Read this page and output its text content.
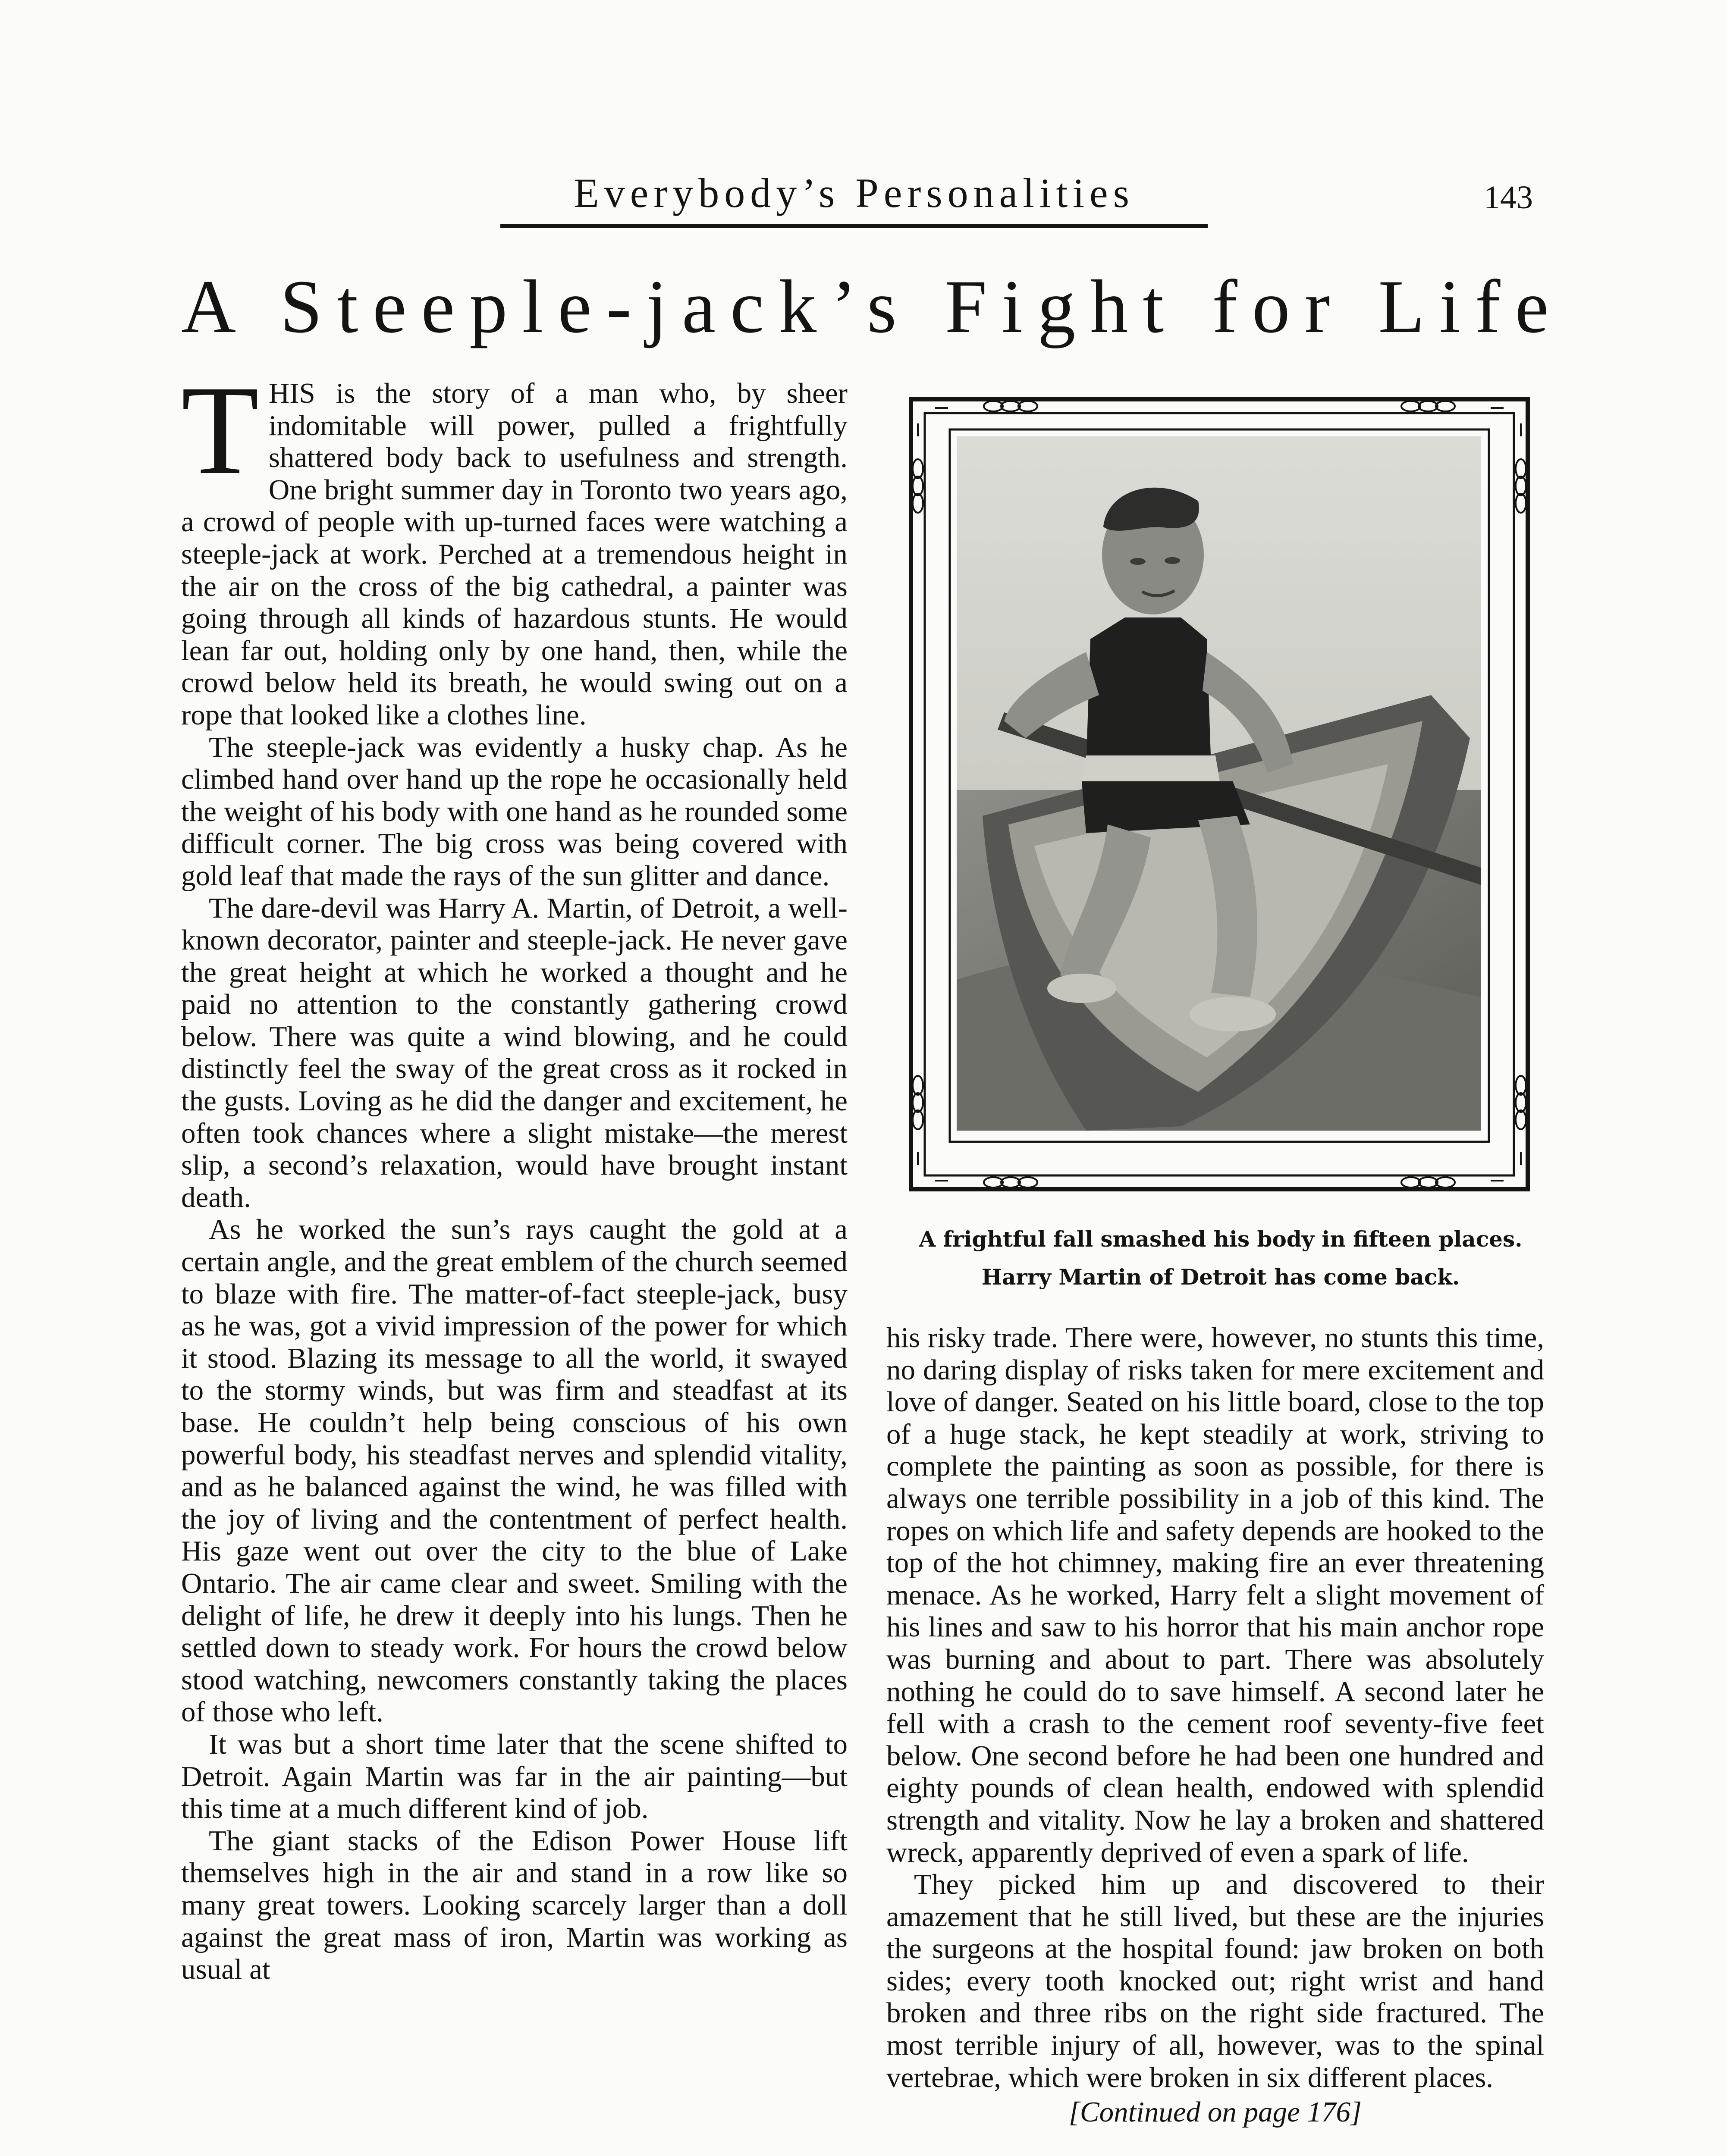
Everybody’s Personalities	143
A Steeple-jack’s Fight for Life

THIS is the story of a man who, by sheer indomitable will power, pulled a frightfully shattered body back to usefulness and strength. One bright summer day in Toronto two years ago, a crowd of people with up-turned faces were watching a steeple-jack at work. Perched at a tremendous height in the air on the cross of the big cathedral, a painter was going through all kinds of hazardous stunts. He would lean far out, holding only by one hand, then, while the crowd below held its breath, he would swing out on a rope that looked like a clothes line.

The steeple-jack was evidently a husky chap. As he climbed hand over hand up the rope he occasionally held the weight of his body with one hand as he rounded some difficult corner. The big cross was being covered with gold leaf that made the rays of the sun glitter and dance.

The dare-devil was Harry A. Martin, of Detroit, a well-known decorator, painter and steeple-jack. He never gave the great height at which he worked a thought and he paid no attention to the constantly gathering crowd below. There was quite a wind blowing, and he could distinctly feel the sway of the great cross as it rocked in the gusts. Loving as he did the danger and excitement, he often took chances where a slight mistake—the merest slip, a second’s relaxation, would have brought instant death.

As he worked the sun’s rays caught the gold at a certain angle, and the great emblem of the church seemed to blaze with fire. The matter-of-fact steeple-jack, busy as he was, got a vivid impression of the power for which it stood. Blazing its message to all the world, it swayed to the stormy winds, but was firm and steadfast at its base. He couldn’t help being conscious of his own powerful body, his steadfast nerves and splendid vitality, and as he balanced against the wind, he was filled with the joy of living and the contentment of perfect health. His gaze went out over the city to the blue of Lake Ontario. The air came clear and sweet. Smiling with the delight of life, he drew it deeply into his lungs. Then he settled down to steady work. For hours the crowd below stood watching, newcomers constantly taking the places of those who left.

It was but a short time later that the scene shifted to Detroit. Again Martin was far in the air painting—but this time at a much different kind of job.

The giant stacks of the Edison Power House lift themselves high in the air and stand in a row like so many great towers. Looking scarcely larger than a doll against the great mass of iron, Martin was working as usual at

A frightful fall smashed his body in fifteen places.
Harry Martin of Detroit has come back.

his risky trade. There were, however, no stunts this time, no daring display of risks taken for mere excitement and love of danger. Seated on his little board, close to the top of a huge stack, he kept steadily at work, striving to complete the painting as soon as possible, for there is always one terrible possibility in a job of this kind. The ropes on which life and safety depends are hooked to the top of the hot chimney, making fire an ever threatening menace. As he worked, Harry felt a slight movement of his lines and saw to his horror that his main anchor rope was burning and about to part. There was absolutely nothing he could do to save himself. A second later he fell with a crash to the cement roof seventy-five feet below. One second before he had been one hundred and eighty pounds of clean health, endowed with splendid strength and vitality. Now he lay a broken and shattered wreck, apparently deprived of even a spark of life.

They picked him up and discovered to their amazement that he still lived, but these are the injuries the surgeons at the hospital found: jaw broken on both sides; every tooth knocked out; right wrist and hand broken and three ribs on the right side fractured. The most terrible injury of all, however, was to the spinal vertebrae, which were broken in six different places.

[Continued on page 176]
